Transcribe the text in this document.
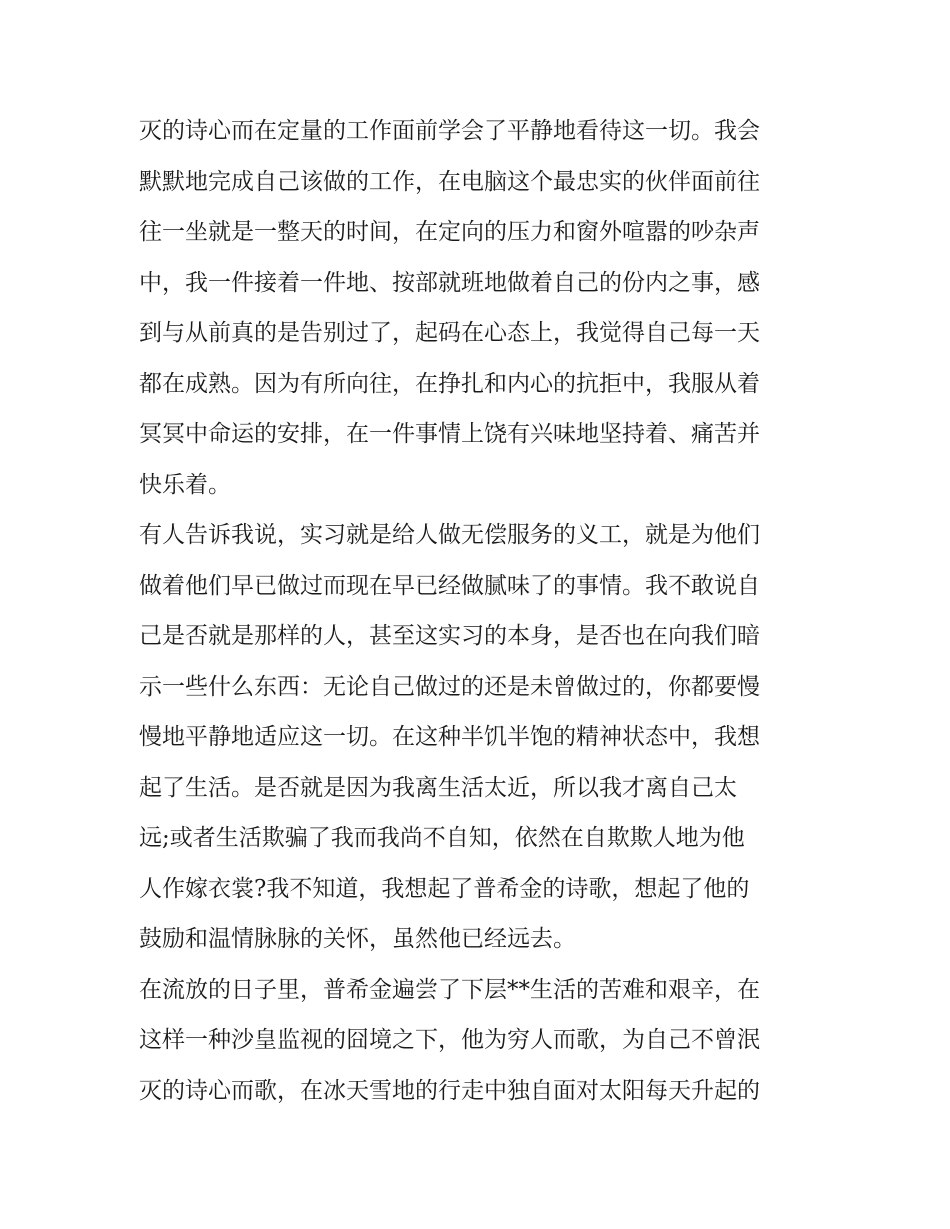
灭的诗心而在定量的工作面前学会了平静地看待这一切。我会
默默地完成自己该做的工作，在电脑这个最忠实的伙伴面前往
往一坐就是一整天的时间，在定向的压力和窗外喧嚣的吵杂声
中，我一件接着一件地、按部就班地做着自己的份内之事，感
到与从前真的是告别过了，起码在心态上，我觉得自己每一天
都在成熟。因为有所向往，在挣扎和内心的抗拒中，我服从着
冥冥中命运的安排，在一件事情上饶有兴味地坚持着、痛苦并
快乐着。
有人告诉我说，实习就是给人做无偿服务的义工，就是为他们
做着他们早已做过而现在早已经做腻味了的事情。我不敢说自
己是否就是那样的人，甚至这实习的本身，是否也在向我们暗
示一些什么东西：无论自己做过的还是未曾做过的，你都要慢
慢地平静地适应这一切。在这种半饥半饱的精神状态中，我想
起了生活。是否就是因为我离生活太近，所以我才离自己太
远;或者生活欺骗了我而我尚不自知，依然在自欺欺人地为他
人作嫁衣裳?我不知道，我想起了普希金的诗歌，想起了他的
鼓励和温情脉脉的关怀，虽然他已经远去。
在流放的日子里，普希金遍尝了下层**生活的苦难和艰辛，在
这样一种沙皇监视的囧境之下，他为穷人而歌，为自己不曾泯
灭的诗心而歌，在冰天雪地的行走中独自面对太阳每天升起的
